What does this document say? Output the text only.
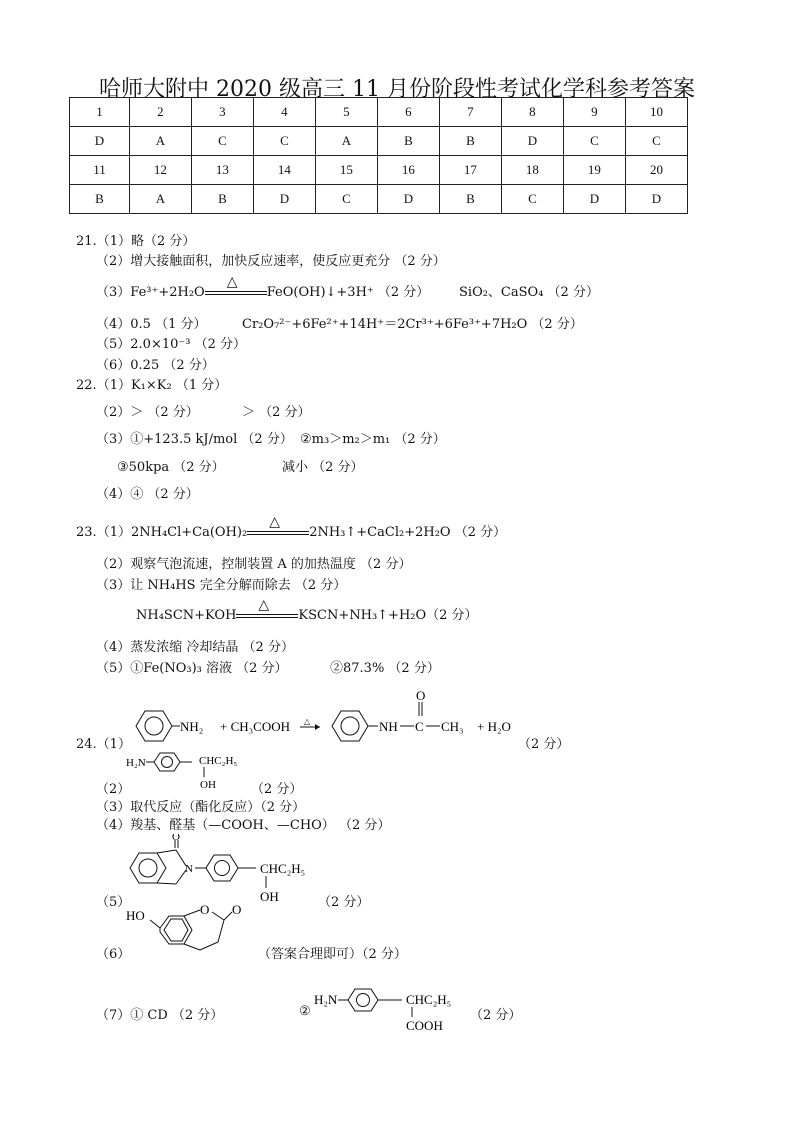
哈师大附中 2020 级高三 11 月份阶段性考试化学科参考答案
1	2	3	4	5	6	7	8	9	10
D	A	C	C	A	B	B	D	C	C
11	12	13	14	15	16	17	18	19	20
B	A	B	D	C	D	B	C	D	D
21.（1）略（2 分）
（2）增大接触面积，加快反应速率，使反应更充分 （2 分）
（3）Fe³⁺+2H₂O
△
FeO(OH)↓+3H⁺ （2 分） SiO₂、CaSO₄ （2 分）
（4）0.5 （1 分）	Cr₂O₇²⁻+6Fe²⁺+14H⁺＝2Cr³⁺+6Fe³⁺+7H₂O （2 分）
（5）2.0×10⁻³ （2 分）
（6）0.25 （2 分）
22.（1）K₁×K₂ （1 分）
（2）＞ （2 分）	＞ （2 分）
（3）①+123.5 kJ/mol （2 分） ②m₃＞m₂＞m₁ （2 分）
③50kpa （2 分）	减小 （2 分）
（4）④ （2 分）
23.（1）2NH₄Cl+Ca(OH)₂
△
2NH₃↑+CaCl₂+2H₂O （2 分）
（2）观察气泡流速，控制装置 A 的加热温度 （2 分）
（3）让 NH₄HS 完全分解而除去 （2 分）
NH₄SCN+KOH
△
KSCN+NH₃↑+H₂O（2 分）
（4）蒸发浓缩 冷却结晶 （2 分）
（5）①Fe(NO₃)₃ 溶液 （2 分）	②87.3% （2 分）
24.（1）
NH₂ + CH₃COOH △	NH C
O
CH₃ + H₂O
（2 分）
H₂N	CHC₂H₅
OH
（2）	（2 分）
（3）取代反应（酯化反应）（2 分）
（4）羧基、醛基（—COOH、—CHO） （2 分）
O
N	CHC₂H₅
OH
（5）	（2 分）
HO	O O
（6）	（答案合理即可）（2 分）
（7）① CD （2 分）	②
H₂N	CHC₂H₅
COOH
（2 分）
